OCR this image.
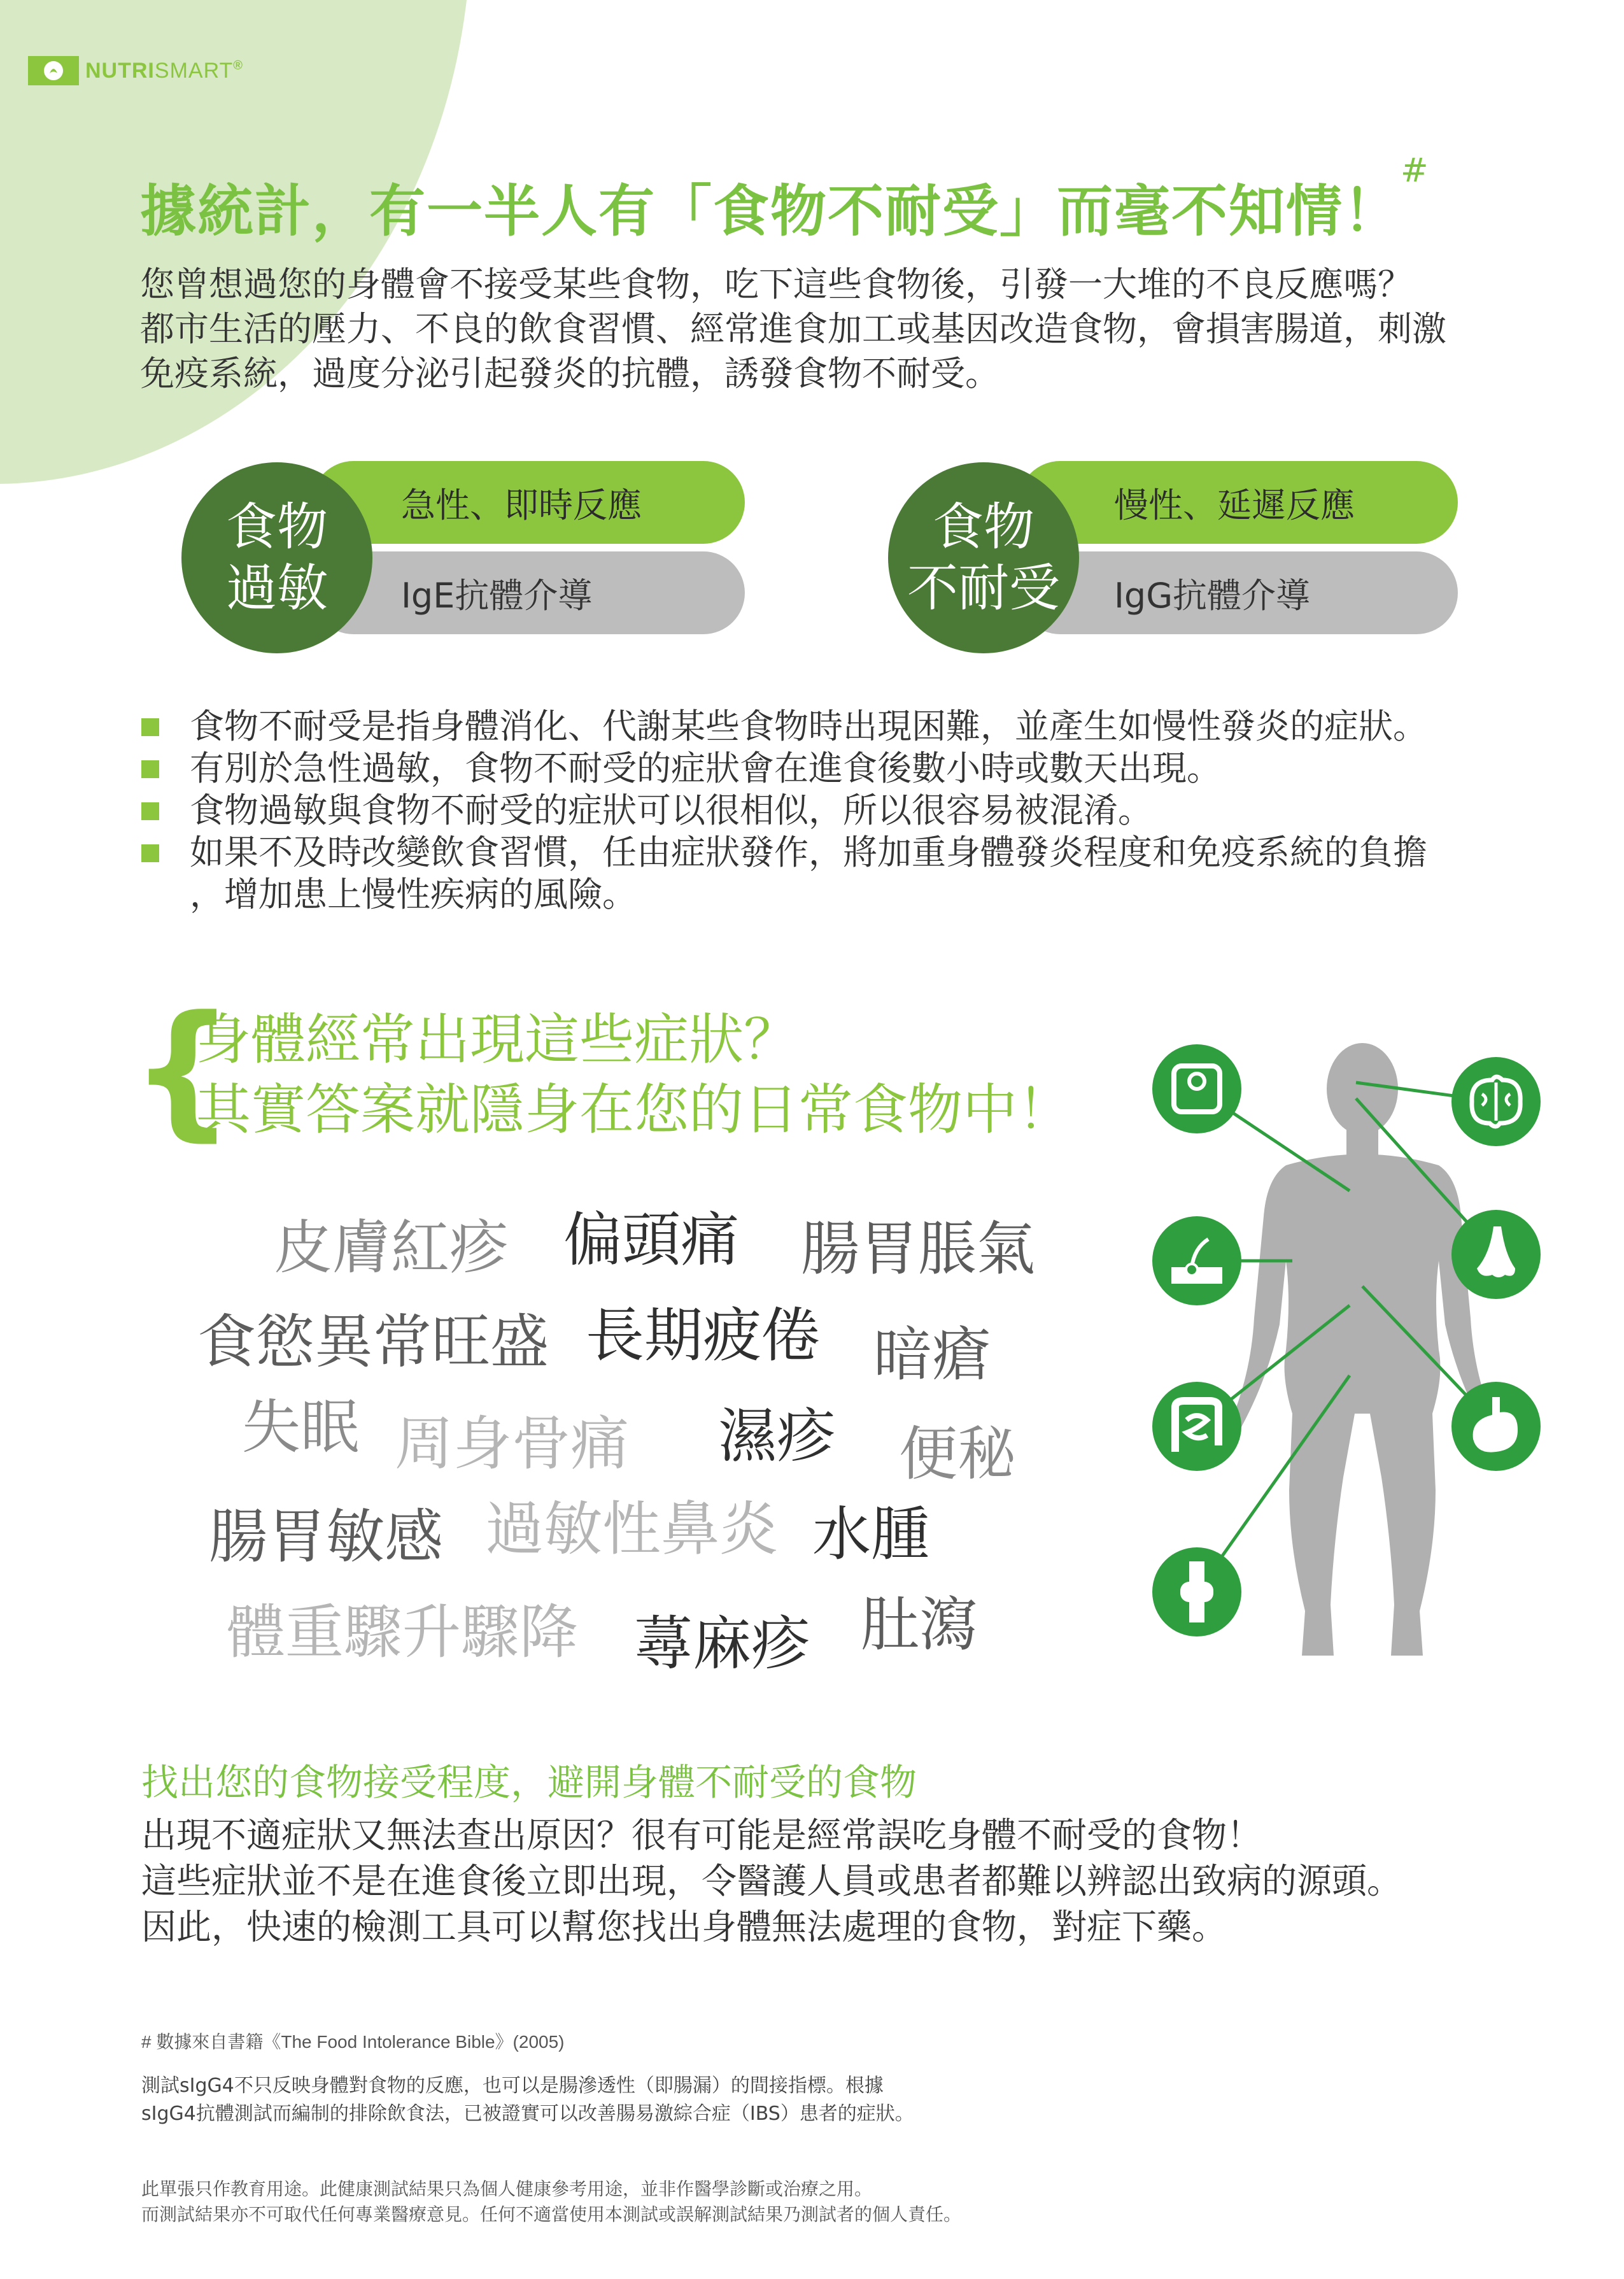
NUTRISMART®
據統計，有一半人有「食物不耐受」而毫不知情！#
您曾想過您的身體會不接受某些食物，吃下這些食物後，引發一大堆的不良反應嗎？
都市生活的壓力、不良的飲食習慣、經常進食加工或基因改造食物，會損害腸道，刺激
免疫系統，過度分泌引起發炎的抗體，誘發食物不耐受。
急性、即時反應
IgE抗體介導
食物
過敏
慢性、延遲反應
IgG抗體介導
食物
不耐受
食物不耐受是指身體消化、代謝某些食物時出現困難，並產生如慢性發炎的症狀。
有別於急性過敏，食物不耐受的症狀會在進食後數小時或數天出現。
食物過敏與食物不耐受的症狀可以很相似，所以很容易被混淆。
如果不及時改變飲食習慣，任由症狀發作，將加重身體發炎程度和免疫系統的負擔
，增加患上慢性疾病的風險。
{
身體經常出現這些症狀？
其實答案就隱身在您的日常食物中！
皮膚紅疹 偏頭痛 腸胃脹氣
食慾異常旺盛 長期疲倦 暗瘡
失眠 周身骨痛 濕疹 便秘
腸胃敏感 過敏性鼻炎 水腫
體重驟升驟降 蕁麻疹 肚瀉
找出您的食物接受程度，避開身體不耐受的食物
出現不適症狀又無法查出原因？很有可能是經常誤吃身體不耐受的食物！
這些症狀並不是在進食後立即出現，令醫護人員或患者都難以辨認出致病的源頭。
因此，快速的檢測工具可以幫您找出身體無法處理的食物，對症下藥。
# 數據來自書籍《The Food Intolerance Bible》(2005)
測試sIgG4不只反映身體對食物的反應，也可以是腸滲透性（即腸漏）的間接指標。根據
sIgG4抗體測試而編制的排除飲食法，已被證實可以改善腸易激綜合症（IBS）患者的症狀。
此單張只作教育用途。此健康測試結果只為個人健康參考用途，並非作醫學診斷或治療之用。
而測試結果亦不可取代任何專業醫療意見。任何不適當使用本測試或誤解測試結果乃測試者的個人責任。
